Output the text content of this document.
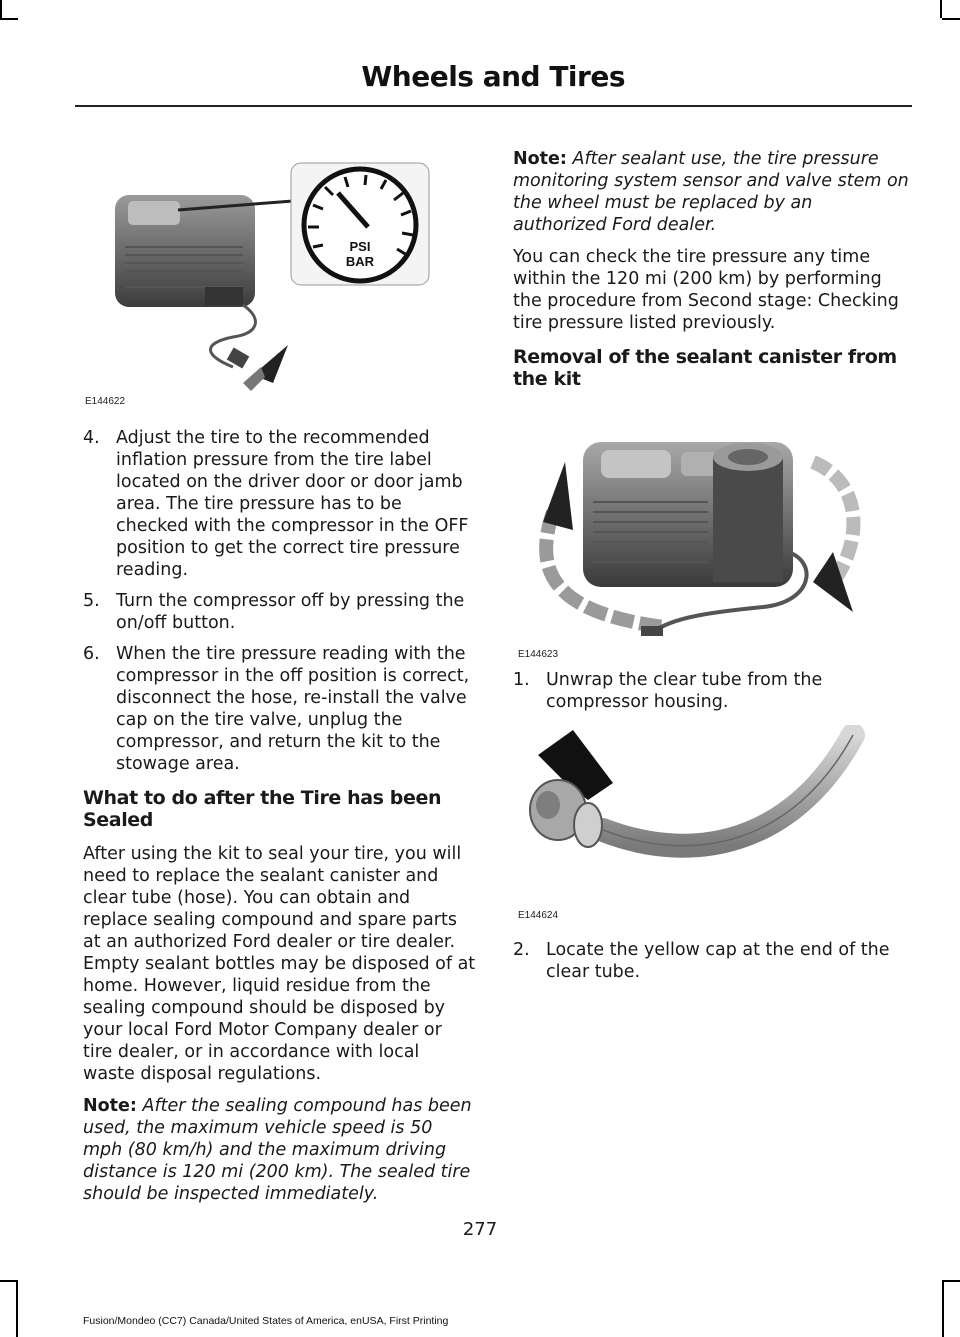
Wheels and Tires
PSI
BAR
E144622
4. Adjust the tire to the recommended inflation pressure from the tire label located on the driver door or door jamb area. The tire pressure has to be checked with the compressor in the OFF position to get the correct tire pressure reading.
5. Turn the compressor off by pressing the on/off button.
6. When the tire pressure reading with the compressor in the off position is correct, disconnect the hose, re-install the valve cap on the tire valve, unplug the compressor, and return the kit to the stowage area.
What to do after the Tire has been Sealed

After using the kit to seal your tire, you will need to replace the sealant canister and clear tube (hose). You can obtain and replace sealing compound and spare parts at an authorized Ford dealer or tire dealer. Empty sealant bottles may be disposed of at home. However, liquid residue from the sealing compound should be disposed by your local Ford Motor Company dealer or tire dealer, or in accordance with local waste disposal regulations.

Note: After the sealing compound has been used, the maximum vehicle speed is 50 mph (80 km/h) and the maximum driving distance is 120 mi (200 km). The sealed tire should be inspected immediately.

Note: After sealant use, the tire pressure monitoring system sensor and valve stem on the wheel must be replaced by an authorized Ford dealer.

You can check the tire pressure any time within the 120 mi (200 km) by performing the procedure from Second stage: Checking tire pressure listed previously.

Removal of the sealant canister from the kit
E144623
1. Unwrap the clear tube from the compressor housing.
E144624
2. Locate the yellow cap at the end of the clear tube.
277
Fusion/Mondeo (CC7) Canada/United States of America, enUSA, First Printing
